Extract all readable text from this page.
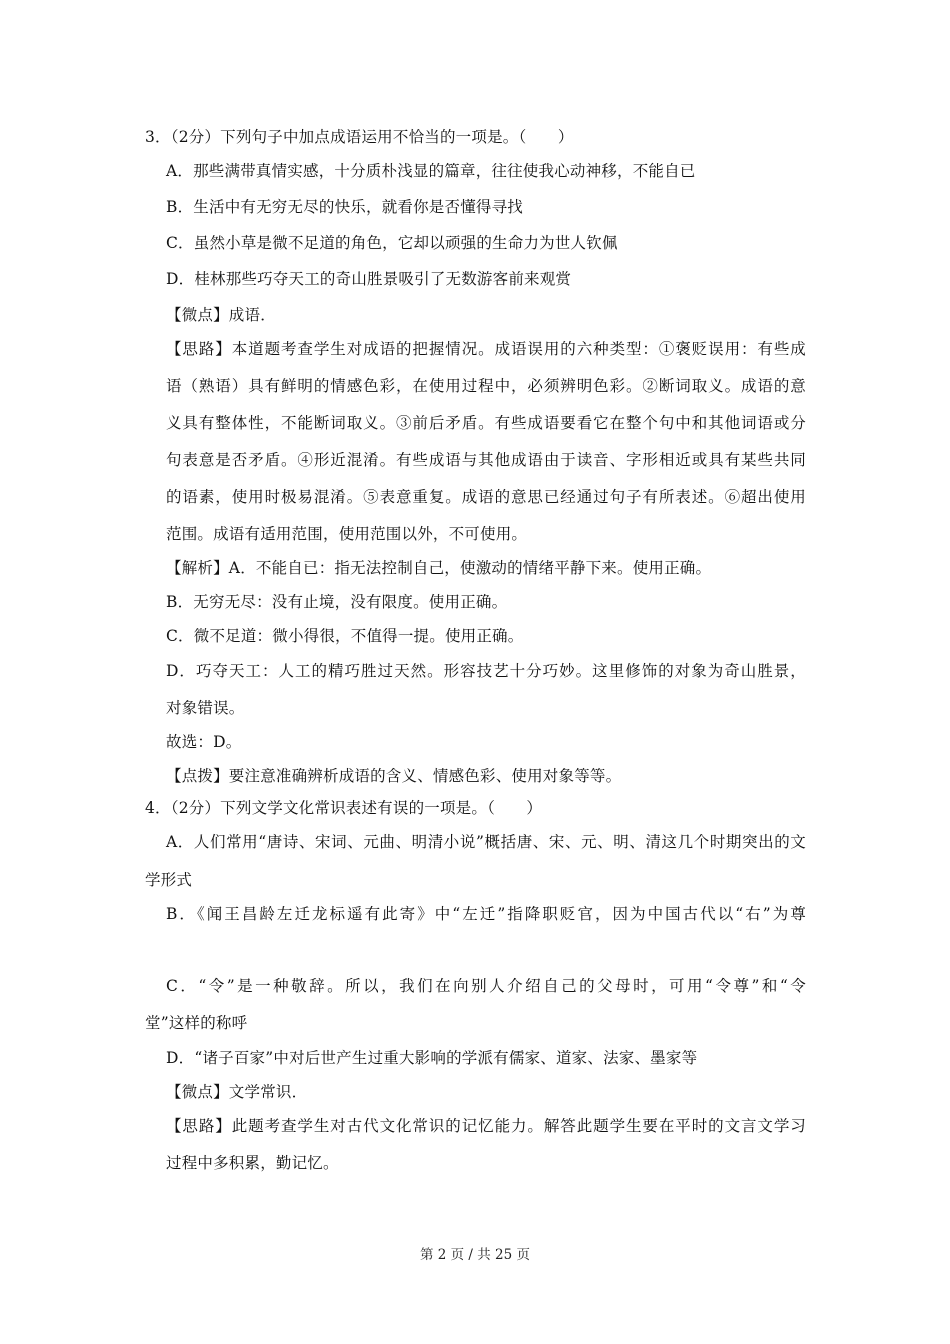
3．（2分）下列句子中加点成语运用不恰当的一项是。（　　）
A．那些满带真情实感，十分质朴浅显的篇章，往往使我心动神移，不能自已
B．生活中有无穷无尽的快乐，就看你是否懂得寻找
C．虽然小草是微不足道的角色，它却以顽强的生命力为世人钦佩
D．桂林那些巧夺天工的奇山胜景吸引了无数游客前来观赏
【微点】成语．
【思路】本道题考查学生对成语的把握情况。成语误用的六种类型：①褒贬误用：有些成
语（熟语）具有鲜明的情感色彩，在使用过程中，必须辨明色彩。②断词取义。成语的意
义具有整体性，不能断词取义。③前后矛盾。有些成语要看它在整个句中和其他词语或分
句表意是否矛盾。④形近混淆。有些成语与其他成语由于读音、字形相近或具有某些共同
的语素，使用时极易混淆。⑤表意重复。成语的意思已经通过句子有所表述。⑥超出使用
范围。成语有适用范围，使用范围以外，不可使用。
【解析】A．不能自已：指无法控制自己，使激动的情绪平静下来。使用正确。
B．无穷无尽：没有止境，没有限度。使用正确。
C．微不足道：微小得很，不值得一提。使用正确。
D．巧夺天工：人工的精巧胜过天然。形容技艺十分巧妙。这里修饰的对象为奇山胜景，
对象错误。
故选：D。
【点拨】要注意准确辨析成语的含义、情感色彩、使用对象等等。
4．（2分）下列文学文化常识表述有误的一项是。（　　）
A．人们常用“唐诗、宋词、元曲、明清小说”概括唐、宋、元、明、清这几个时期突出的文
学形式
B．《闻王昌龄左迁龙标遥有此寄》中“左迁”指降职贬官，因为中国古代以“右”为尊
C．“令”是一种敬辞。所以，我们在向别人介绍自己的父母时，可用“令尊”和“令
堂”这样的称呼
D．“诸子百家”中对后世产生过重大影响的学派有儒家、道家、法家、墨家等
【微点】文学常识．
【思路】此题考查学生对古代文化常识的记忆能力。解答此题学生要在平时的文言文学习
过程中多积累，勤记忆。
第 2 页 / 共 25 页
